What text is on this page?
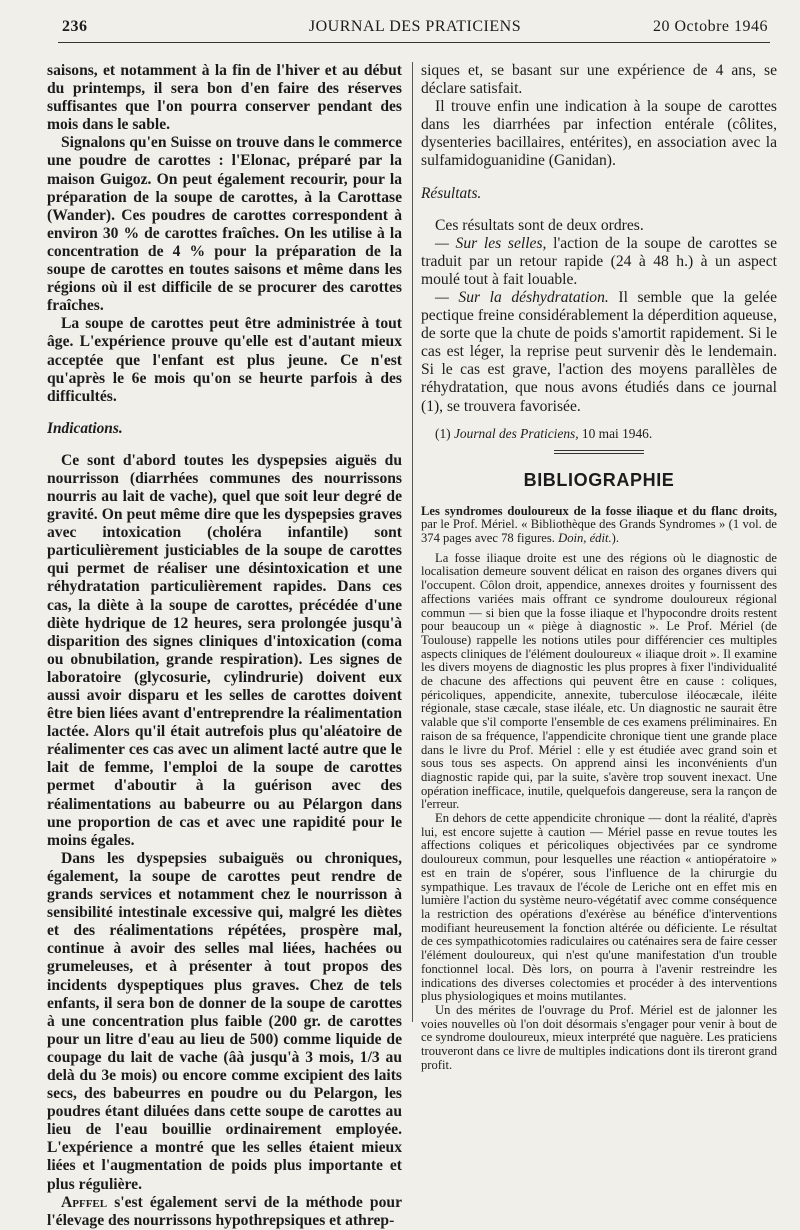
236	JOURNAL DES PRATICIENS	20 Octobre 1946

saisons, et notamment à la fin de l'hiver et au début du printemps, il sera bon d'en faire des réserves suffisantes que l'on pourra conserver pendant des mois dans le sable.

Signalons qu'en Suisse on trouve dans le commerce une poudre de carottes : l'Elonac, préparé par la maison Guigoz. On peut également recourir, pour la préparation de la soupe de carottes, à la Carottase (Wander). Ces poudres de carottes correspondent à environ 30 % de carottes fraîches. On les utilise à la concentration de 4 % pour la préparation de la soupe de carottes en toutes saisons et même dans les régions où il est difficile de se procurer des carottes fraîches.

La soupe de carottes peut être administrée à tout âge. L'expérience prouve qu'elle est d'autant mieux acceptée que l'enfant est plus jeune. Ce n'est qu'après le 6e mois qu'on se heurte parfois à des difficultés.

Indications.

Ce sont d'abord toutes les dyspepsies aiguës du nourrisson (diarrhées communes des nourrissons nourris au lait de vache), quel que soit leur degré de gravité. On peut même dire que les dyspepsies graves avec intoxication (choléra infantile) sont particulièrement justiciables de la soupe de carottes qui permet de réaliser une désintoxication et une réhydratation particulièrement rapides. Dans ces cas, la diète à la soupe de carottes, précédée d'une diète hydrique de 12 heures, sera prolongée jusqu'à disparition des signes cliniques d'intoxication (coma ou obnubilation, grande respiration). Les signes de laboratoire (glycosurie, cylindrurie) doivent eux aussi avoir disparu et les selles de carottes doivent être bien liées avant d'entreprendre la réalimentation lactée. Alors qu'il était autrefois plus qu'aléatoire de réalimenter ces cas avec un aliment lacté autre que le lait de femme, l'emploi de la soupe de carottes permet d'aboutir à la guérison avec des réalimentations au babeurre ou au Pélargon dans une proportion de cas et avec une rapidité pour le moins égales.

Dans les dyspepsies subaiguës ou chroniques, également, la soupe de carottes peut rendre de grands services et notamment chez le nourrisson à sensibilité intestinale excessive qui, malgré les diètes et des réalimentations répétées, prospère mal, continue à avoir des selles mal liées, hachées ou grumeleuses, et à présenter à tout propos des incidents dyspeptiques plus graves. Chez de tels enfants, il sera bon de donner de la soupe de carottes à une concentration plus faible (200 gr. de carottes pour un litre d'eau au lieu de 500) comme liquide de coupage du lait de vache (âà jusqu'à 3 mois, 1/3 au delà du 3e mois) ou encore comme excipient des laits secs, des babeurres en poudre ou du Pelargon, les poudres étant diluées dans cette soupe de carottes au lieu de l'eau bouillie ordinairement employée. L'expérience a montré que les selles étaient mieux liées et l'augmentation de poids plus importante et plus régulière.

Apffel s'est également servi de la méthode pour l'élevage des nourrissons hypothrepsiques et athrep-

siques et, se basant sur une expérience de 4 ans, se déclare satisfait.

Il trouve enfin une indication à la soupe de carottes dans les diarrhées par infection entérale (côlites, dysenteries bacillaires, entérites), en association avec la sulfamidoguanidine (Ganidan).

Résultats.

Ces résultats sont de deux ordres.

— Sur les selles, l'action de la soupe de carottes se traduit par un retour rapide (24 à 48 h.) à un aspect moulé tout à fait louable.

— Sur la déshydratation. Il semble que la gelée pectique freine considérablement la déperdition aqueuse, de sorte que la chute de poids s'amortit rapidement. Si le cas est léger, la reprise peut survenir dès le lendemain. Si le cas est grave, l'action des moyens parallèles de réhydratation, que nous avons étudiés dans ce journal (1), se trouvera favorisée.

(1) Journal des Praticiens, 10 mai 1946.
BIBLIOGRAPHIE

Les syndromes douloureux de la fosse iliaque et du flanc droits, par le Prof. Mériel. « Bibliothèque des Grands Syndromes » (1 vol. de 374 pages avec 78 figures. Doin, édit.).

La fosse iliaque droite est une des régions où le diagnostic de localisation demeure souvent délicat en raison des organes divers qui l'occupent. Côlon droit, appendice, annexes droites y fournissent des affections variées mais offrant ce syndrome douloureux régional commun — si bien que la fosse iliaque et l'hypocondre droits restent pour beaucoup un « piège à diagnostic ». Le Prof. Mériel (de Toulouse) rappelle les notions utiles pour différencier ces multiples aspects cliniques de l'élément douloureux « iliaque droit ». Il examine les divers moyens de diagnostic les plus propres à fixer l'individualité de chacune des affections qui peuvent être en cause : coliques, péricoliques, appendicite, annexite, tuberculose iléocæcale, iléite régionale, stase cæcale, stase iléale, etc. Un diagnostic ne saurait être valable que s'il comporte l'ensemble de ces examens préliminaires. En raison de sa fréquence, l'appendicite chronique tient une grande place dans le livre du Prof. Mériel : elle y est étudiée avec grand soin et sous tous ses aspects. On apprend ainsi les inconvénients d'un diagnostic rapide qui, par la suite, s'avère trop souvent inexact. Une opération inefficace, inutile, quelquefois dangereuse, sera la rançon de l'erreur.

En dehors de cette appendicite chronique — dont la réalité, d'après lui, est encore sujette à caution — Mériel passe en revue toutes les affections coliques et péricoliques objectivées par ce syndrome douloureux commun, pour lesquelles une réaction « antiopératoire » est en train de s'opérer, sous l'influence de la chirurgie du sympathique. Les travaux de l'école de Leriche ont en effet mis en lumière l'action du système neuro-végétatif avec comme conséquence la restriction des opérations d'exérèse au bénéfice d'interventions modifiant heureusement la fonction altérée ou déficiente. Le résultat de ces sympathicotomies radiculaires ou caténaires sera de faire cesser l'élément douloureux, qui n'est qu'une manifestation d'un trouble fonctionnel local. Dès lors, on pourra à l'avenir restreindre les indications des diverses colectomies et procéder à des interventions plus physiologiques et moins mutilantes.

Un des mérites de l'ouvrage du Prof. Mériel est de jalonner les voies nouvelles où l'on doit désormais s'engager pour venir à bout de ce syndrome douloureux, mieux interprété que naguère. Les praticiens trouveront dans ce livre de multiples indications dont ils tireront grand profit.
